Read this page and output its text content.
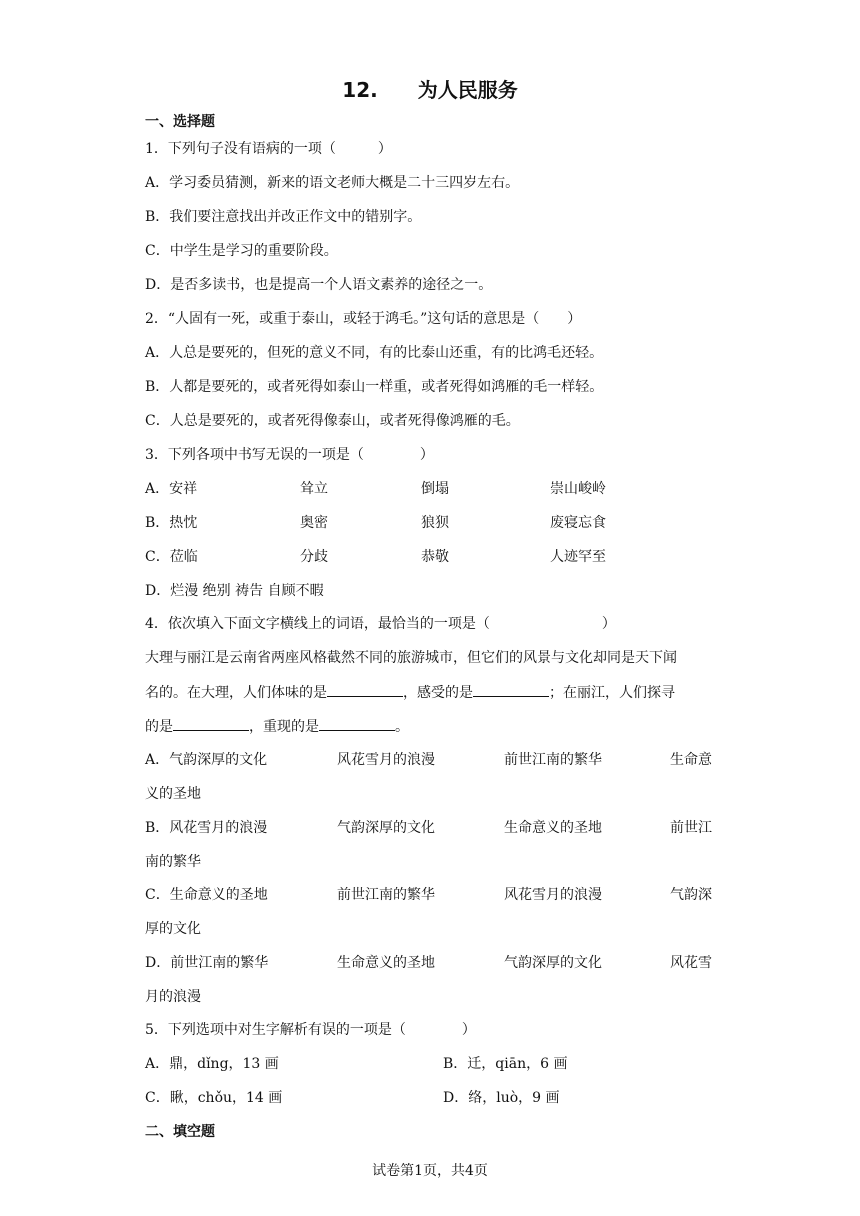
12. 为人民服务
一、选择题
1．下列句子没有语病的一项（　　　）
A．学习委员猜测，新来的语文老师大概是二十三四岁左右。
B．我们要注意找出并改正作文中的错别字。
C．中学生是学习的重要阶段。
D．是否多读书，也是提高一个人语文素养的途径之一。
2．“人固有一死，或重于泰山，或轻于鸿毛。”这句话的意思是（　　）
A．人总是要死的，但死的意义不同，有的比泰山还重，有的比鸿毛还轻。
B．人都是要死的，或者死得如泰山一样重，或者死得如鸿雁的毛一样轻。
C．人总是要死的，或者死得像泰山，或者死得像鸿雁的毛。
3．下列各项中书写无误的一项是（　　　　）
A．安祥	耸立	倒塌	崇山峻岭
B．热忱	奥密	狼狈	废寝忘食
C．莅临	分歧	恭敬	人迹罕至
D．烂漫 绝别 祷告 自顾不暇
4．依次填入下面文字横线上的词语，最恰当的一项是（　　　　　　　　）
大理与丽江是云南省两座风格截然不同的旅游城市，但它们的风景与文化却同是天下闻
名的。在大理，人们体味的是	，感受的是	；在丽江，人们探寻
的是	，重现的是	。
A．气韵深厚的文化	风花雪月的浪漫	前世江南的繁华	生命意
义的圣地
B．风花雪月的浪漫	气韵深厚的文化	生命意义的圣地	前世江
南的繁华
C．生命意义的圣地	前世江南的繁华	风花雪月的浪漫	气韵深
厚的文化
D．前世江南的繁华	生命意义的圣地	气韵深厚的文化	风花雪
月的浪漫
5．下列选项中对生字解析有误的一项是（　　　　）
A．鼎，dǐng，13 画	B．迁，qiān，6 画
C．瞅，chǒu，14 画	D．络，luò，9 画
二、填空题
试卷第1页，共4页
